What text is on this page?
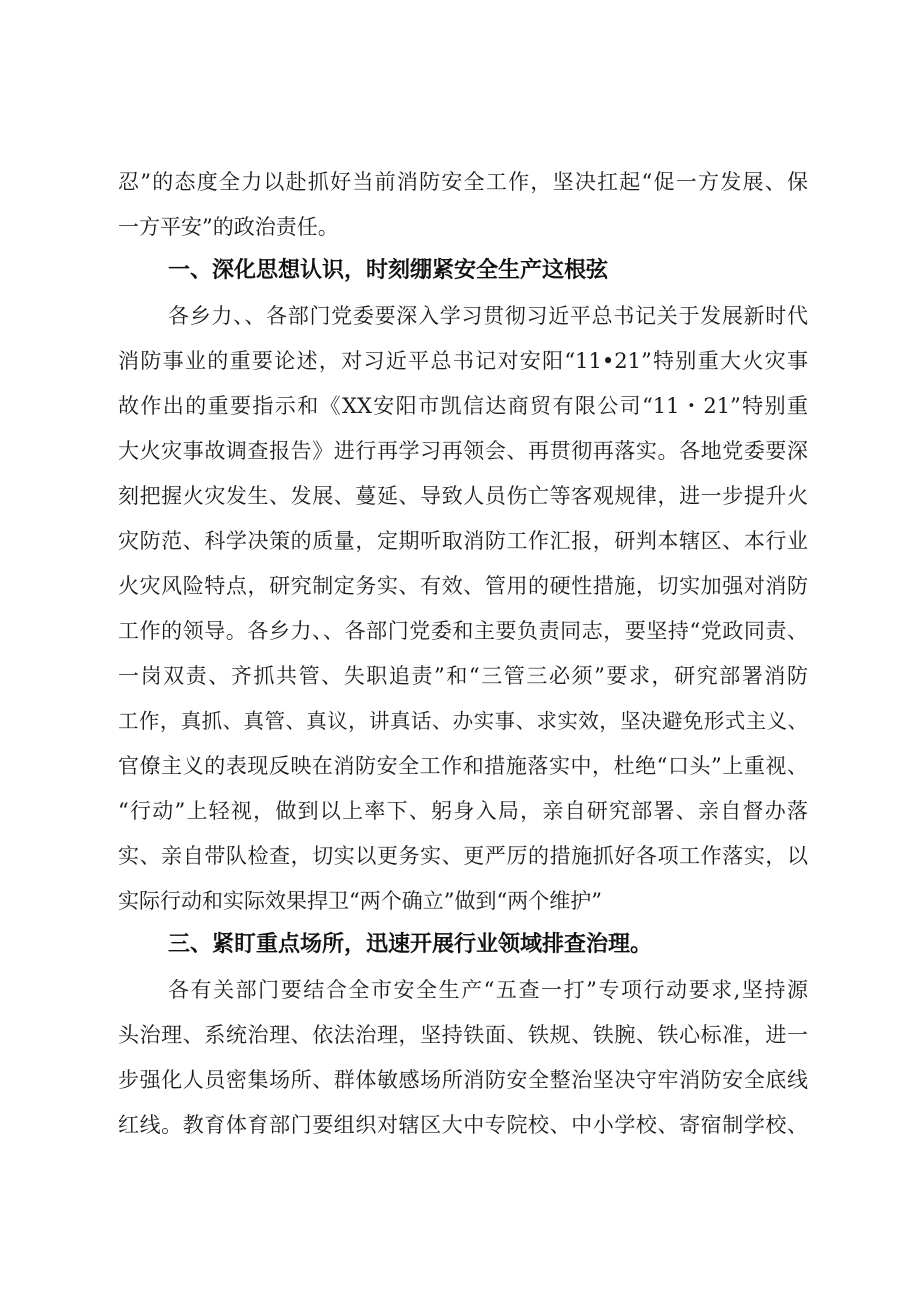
忍”的态度全力以赴抓好当前消防安全工作，坚决扛起“促一方发展、保
一方平安”的政治责任。
一、深化思想认识，时刻绷紧安全生产这根弦
各乡力、、各部门党委要深入学习贯彻习近平总书记关于发展新时代
消防事业的重要论述，对习近平总书记对安阳“11•21”特别重大火灾事
故作出的重要指示和《XX安阳市凯信达商贸有限公司“11・21”特别重
大火灾事故调查报告》进行再学习再领会、再贯彻再落实。各地党委要深
刻把握火灾发生、发展、蔓延、导致人员伤亡等客观规律，进一步提升火
灾防范、科学决策的质量，定期听取消防工作汇报，研判本辖区、本行业
火灾风险特点，研究制定务实、有效、管用的硬性措施，切实加强对消防
工作的领导。各乡力、、各部门党委和主要负责同志，要坚持“党政同责、
一岗双责、齐抓共管、失职追责”和“三管三必须”要求，研究部署消防
工作，真抓、真管、真议，讲真话、办实事、求实效，坚决避免形式主义、
官僚主义的表现反映在消防安全工作和措施落实中，杜绝“口头”上重视、
“行动”上轻视，做到以上率下、躬身入局，亲自研究部署、亲自督办落
实、亲自带队检查，切实以更务实、更严厉的措施抓好各项工作落实，以
实际行动和实际效果捍卫“两个确立”做到“两个维护”
三、紧盯重点场所，迅速开展行业领域排查治理。
各有关部门要结合全市安全生产“五查一打”专项行动要求,坚持源
头治理、系统治理、依法治理，坚持铁面、铁规、铁腕、铁心标准，进一
步强化人员密集场所、群体敏感场所消防安全整治坚决守牢消防安全底线
红线。教育体育部门要组织对辖区大中专院校、中小学校、寄宿制学校、
